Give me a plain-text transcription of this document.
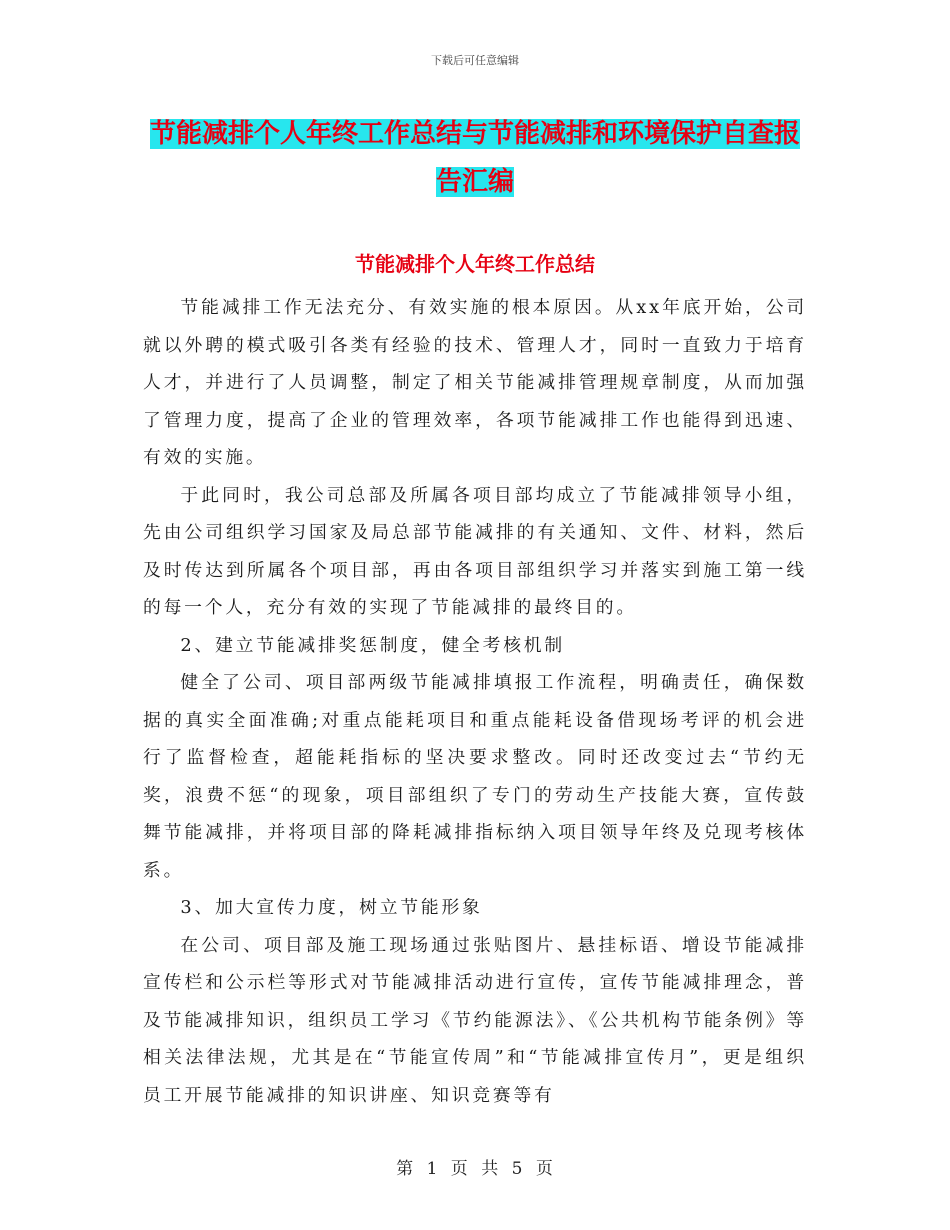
下载后可任意编辑
节能减排个人年终工作总结与节能减排和环境保护自查报告汇编
节能减排个人年终工作总结

节能减排工作无法充分、有效实施的根本原因。从xx年底开始，公司就以外聘的模式吸引各类有经验的技术、管理人才，同时一直致力于培育人才，并进行了人员调整，制定了相关节能减排管理规章制度，从而加强了管理力度，提高了企业的管理效率，各项节能减排工作也能得到迅速、有效的实施。

于此同时，我公司总部及所属各项目部均成立了节能减排领导小组，先由公司组织学习国家及局总部节能减排的有关通知、文件、材料，然后及时传达到所属各个项目部，再由各项目部组织学习并落实到施工第一线的每一个人，充分有效的实现了节能减排的最终目的。

2、建立节能减排奖惩制度，健全考核机制

健全了公司、项目部两级节能减排填报工作流程，明确责任，确保数据的真实全面准确;对重点能耗项目和重点能耗设备借现场考评的机会进行了监督检查，超能耗指标的坚决要求整改。同时还改变过去“节约无奖，浪费不惩“的现象，项目部组织了专门的劳动生产技能大赛，宣传鼓舞节能减排，并将项目部的降耗减排指标纳入项目领导年终及兑现考核体系。

3、加大宣传力度，树立节能形象

在公司、项目部及施工现场通过张贴图片、悬挂标语、增设节能减排宣传栏和公示栏等形式对节能减排活动进行宣传，宣传节能减排理念，普及节能减排知识，组织员工学习《节约能源法》、《公共机构节能条例》等相关法律法规，尤其是在“节能宣传周”和“节能减排宣传月”，更是组织员工开展节能减排的知识讲座、知识竞赛等有

第 1 页 共 5 页
